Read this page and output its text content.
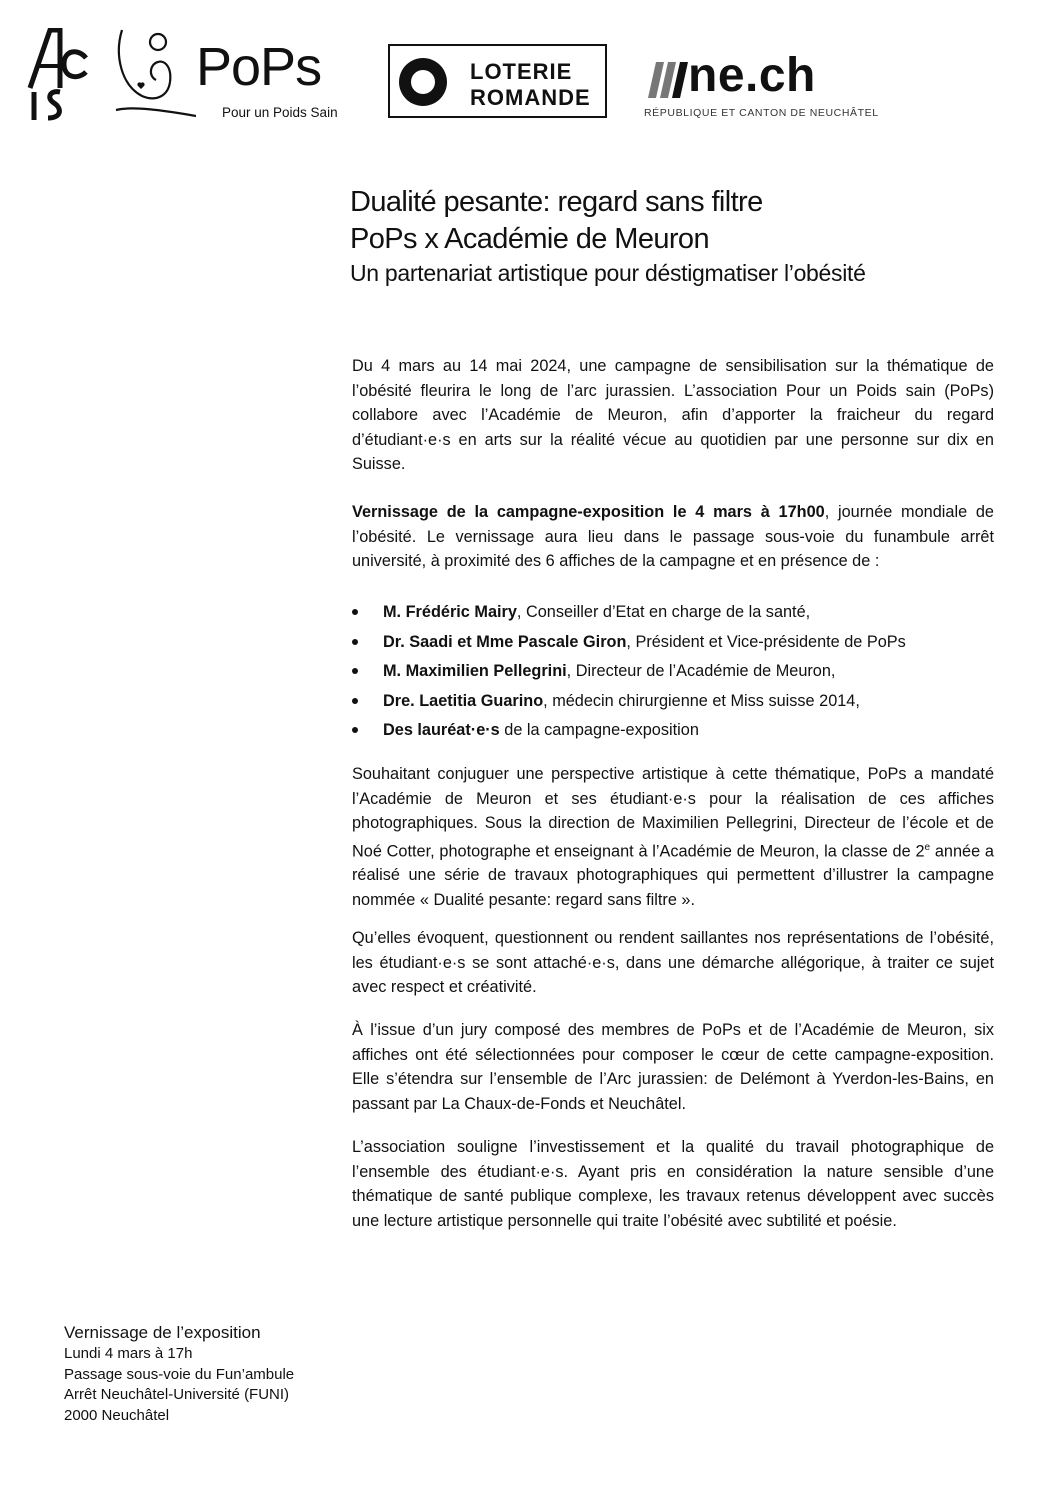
PoPs
Pour un Poids Sain
LOTERIE
ROMANDE ne.ch
RÉPUBLIQUE ET CANTON DE NEUCHÂTEL
Dualité pesante: regard sans filtre
PoPs x Académie de Meuron
Un partenariat artistique pour déstigmatiser l’obésité

Du 4 mars au 14 mai 2024, une campagne de sensibilisation sur la thématique de l’obésité fleurira le long de l’arc jurassien. L’association Pour un Poids sain (PoPs) collabore avec l’Académie de Meuron, afin d’apporter la fraicheur du regard d’étudiant·e·s en arts sur la réalité vécue au quotidien par une personne sur dix en Suisse.

Vernissage de la campagne-exposition le 4 mars à 17h00, journée mondiale de l’obésité. Le vernissage aura lieu dans le passage sous-voie du funambule arrêt université, à proximité des 6 affiches de la campagne et en présence de :

M. Frédéric Mairy, Conseiller d’Etat en charge de la santé,
Dr. Saadi et Mme Pascale Giron, Président et Vice-présidente de PoPs
M. Maximilien Pellegrini, Directeur de l’Académie de Meuron,
Dre. Laetitia Guarino, médecin chirurgienne et Miss suisse 2014,
Des lauréat·e·s de la campagne-exposition

Souhaitant conjuguer une perspective artistique à cette thématique, PoPs a mandaté l’Académie de Meuron et ses étudiant·e·s pour la réalisation de ces affiches photographiques. Sous la direction de Maximilien Pellegrini, Directeur de l’école et de Noé Cotter, photographe et enseignant à l’Académie de Meuron, la classe de 2e année a réalisé une série de travaux photographiques qui permettent d’illustrer la campagne nommée « Dualité pesante: regard sans filtre ».

Qu’elles évoquent, questionnent ou rendent saillantes nos représentations de l’obésité, les étudiant·e·s se sont attaché·e·s, dans une démarche allégorique, à traiter ce sujet avec respect et créativité.

À l’issue d’un jury composé des membres de PoPs et de l’Académie de Meuron, six affiches ont été sélectionnées pour composer le cœur de cette campagne-exposition. Elle s’étendra sur l’ensemble de l’Arc jurassien: de Delémont à Yverdon-les-Bains, en passant par La Chaux-de-Fonds et Neuchâtel.

L’association souligne l’investissement et la qualité du travail photographique de l’ensemble des étudiant·e·s. Ayant pris en considération la nature sensible d’une thématique de santé publique complexe, les travaux retenus développent avec succès une lecture artistique personnelle qui traite l’obésité avec subtilité et poésie.

Vernissage de l’exposition
Lundi 4 mars à 17h
Passage sous-voie du Fun’ambule
Arrêt Neuchâtel-Université (FUNI)
2000 Neuchâtel
